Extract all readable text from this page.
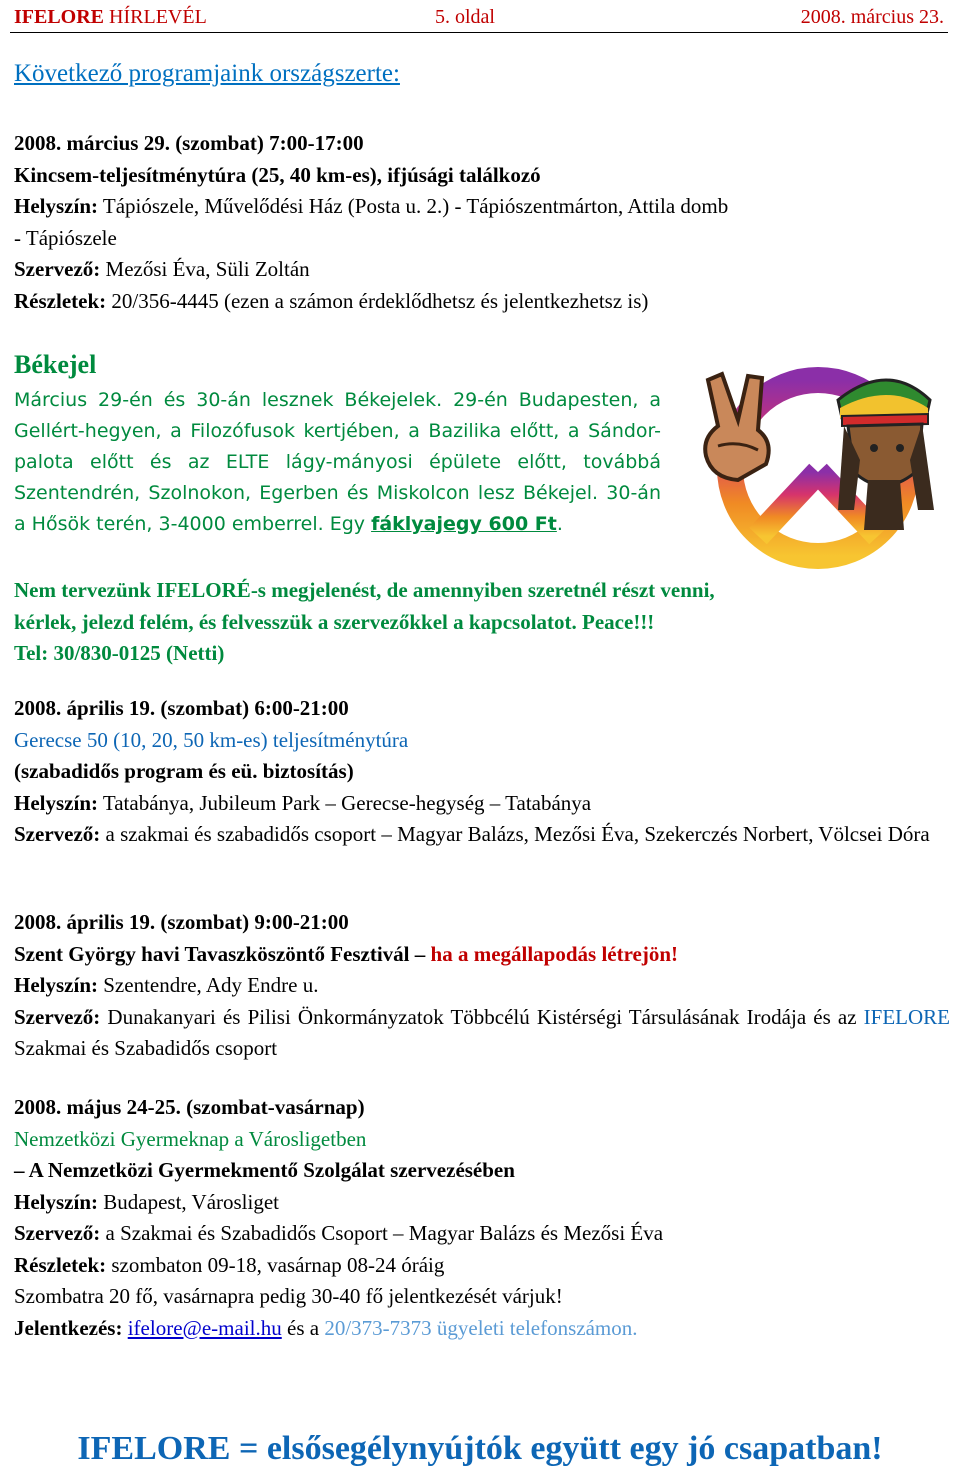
IFELORE HÍRLEVÉL	5. oldal	2008. március 23.
Következő programjaink országszerte:
2008. március 29. (szombat) 7:00-17:00
Kincsem-teljesítménytúra (25, 40 km-es), ifjúsági találkozó
Helyszín: Tápiószele, Művelődési Ház (Posta u. 2.) - Tápiószentmárton, Attila domb
- Tápiószele
Szervező: Mezősi Éva, Süli Zoltán
Részletek: 20/356-4445 (ezen a számon érdeklődhetsz és jelentkezhetsz is)
Békejel
Március 29-én és 30-án lesznek Békejelek. 29-én Budapesten, a Gellért-hegyen, a Filozófusok kertjében, a Bazilika előtt, a Sándor-palota előtt és az ELTE lágy-mányosi épülete előtt, továbbá Szentendrén, Szolnokon, Egerben és Miskolcon lesz Békejel. 30-án a Hősök terén, 3-4000 emberrel. Egy fáklyajegy 600 Ft.
Nem tervezünk IFELORÉ-s megjelenést, de amennyiben szeretnél részt venni,
kérlek, jelezd felém, és felvesszük a szervezőkkel a kapcsolatot. Peace!!!
Tel: 30/830-0125 (Netti)
2008. április 19. (szombat) 6:00-21:00
Gerecse 50 (10, 20, 50 km-es) teljesítménytúra
(szabadidős program és eü. biztosítás)
Helyszín: Tatabánya, Jubileum Park – Gerecse-hegység – Tatabánya
Szervező: a szakmai és szabadidős csoport – Magyar Balázs, Mezősi Éva, Szekerczés Norbert, Völcsei Dóra
2008. április 19. (szombat) 9:00-21:00
Szent György havi Tavaszköszöntő Fesztivál – ha a megállapodás létrejön!
Helyszín: Szentendre, Ady Endre u.
Szervező: Dunakanyari és Pilisi Önkormányzatok Többcélú Kistérségi Társulásának Irodája és az IFELORE Szakmai és Szabadidős csoport
2008. május 24-25. (szombat-vasárnap)
Nemzetközi Gyermeknap a Városligetben
– A Nemzetközi Gyermekmentő Szolgálat szervezésében
Helyszín: Budapest, Városliget
Szervező: a Szakmai és Szabadidős Csoport – Magyar Balázs és Mezősi Éva
Részletek: szombaton 09-18, vasárnap 08-24 óráig
Szombatra 20 fő, vasárnapra pedig 30-40 fő jelentkezését várjuk!
Jelentkezés: ifelore@e-mail.hu és a 20/373-7373 ügyeleti telefonszámon.
IFELORE = elsősegélynyújtók együtt egy jó csapatban!
